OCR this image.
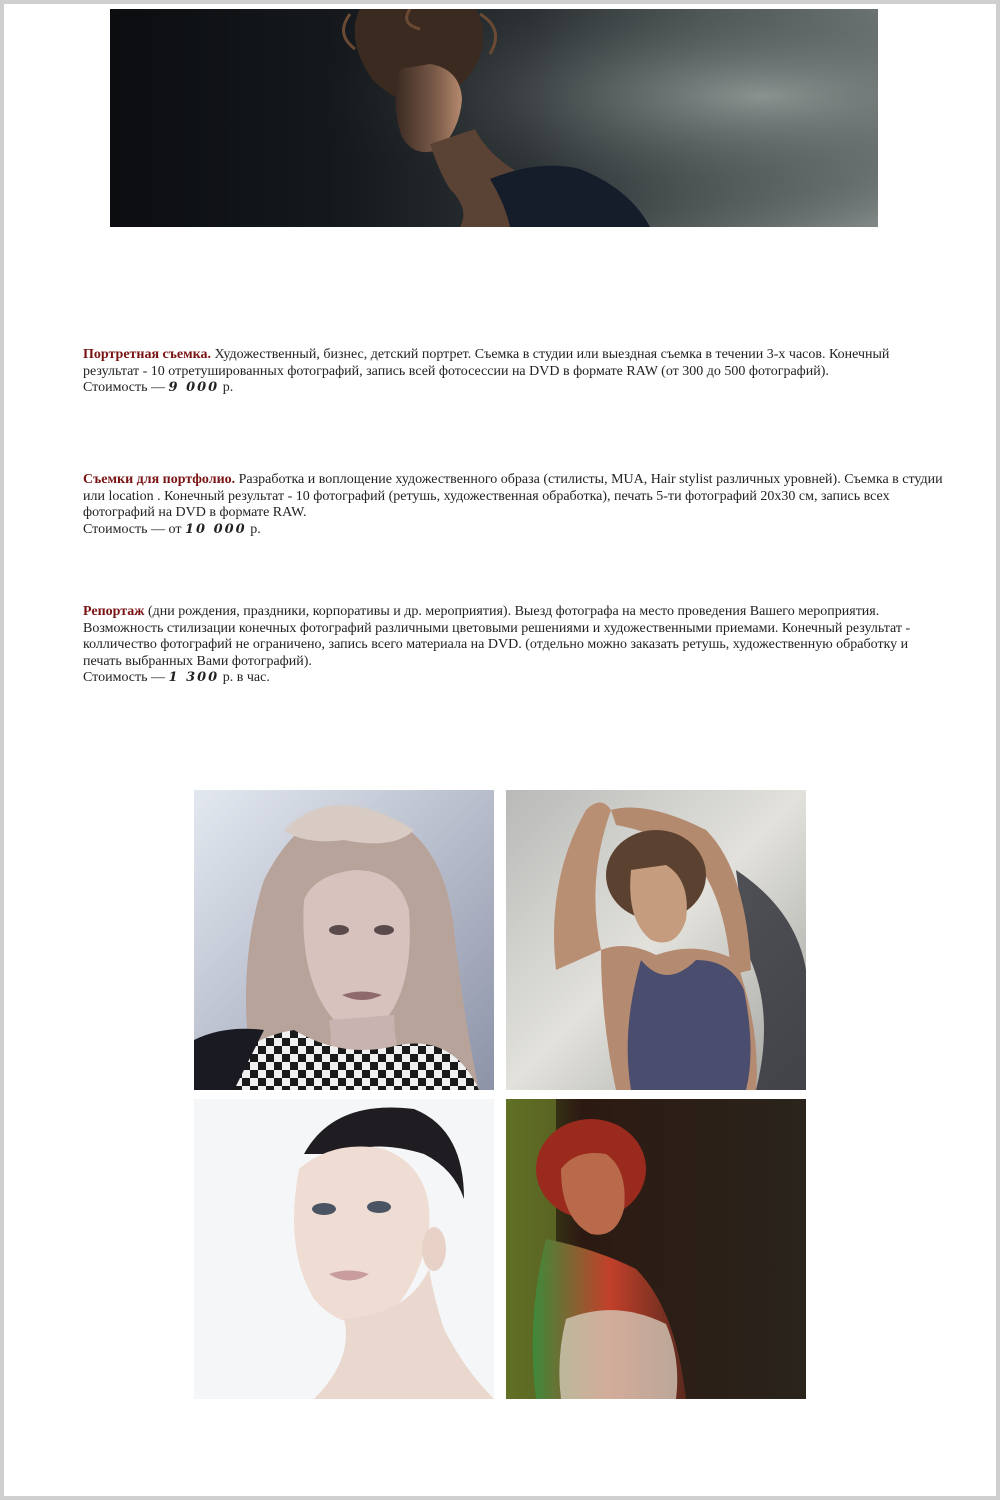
Портретная съемка. Художественный, бизнес, детский портрет. Съемка в студии или выездная съемка в течении 3-х часов. Конечный результат - 10 отретушированных фотографий, запись всей фотосессии на DVD в формате RAW (от 300 до 500 фотографий).

Стоимость — 9 000 р.

Съемки для портфолио. Разработка и воплощение художественного образа (стилисты, MUA, Hair stylist различных уровней). Съемка в студии или location . Конечный результат - 10 фотографий (ретушь, художественная обработка), печать 5-ти фотографий 20х30 см, запись всех фотографий на DVD в формате RAW.

Стоимость — от 10 000 р.

Репортаж (дни рождения, праздники, корпоративы и др. мероприятия). Выезд фотографа на место проведения Вашего мероприятия. Возможность стилизации конечных фотографий различными цветовыми решениями и художественными приемами. Конечный результат - колличество фотографий не ограничено, запись всего материала на DVD. (отдельно можно заказать ретушь, художественную обработку и печать выбранных Вами фотографий).

Стоимость — 1 300 р. в час.
